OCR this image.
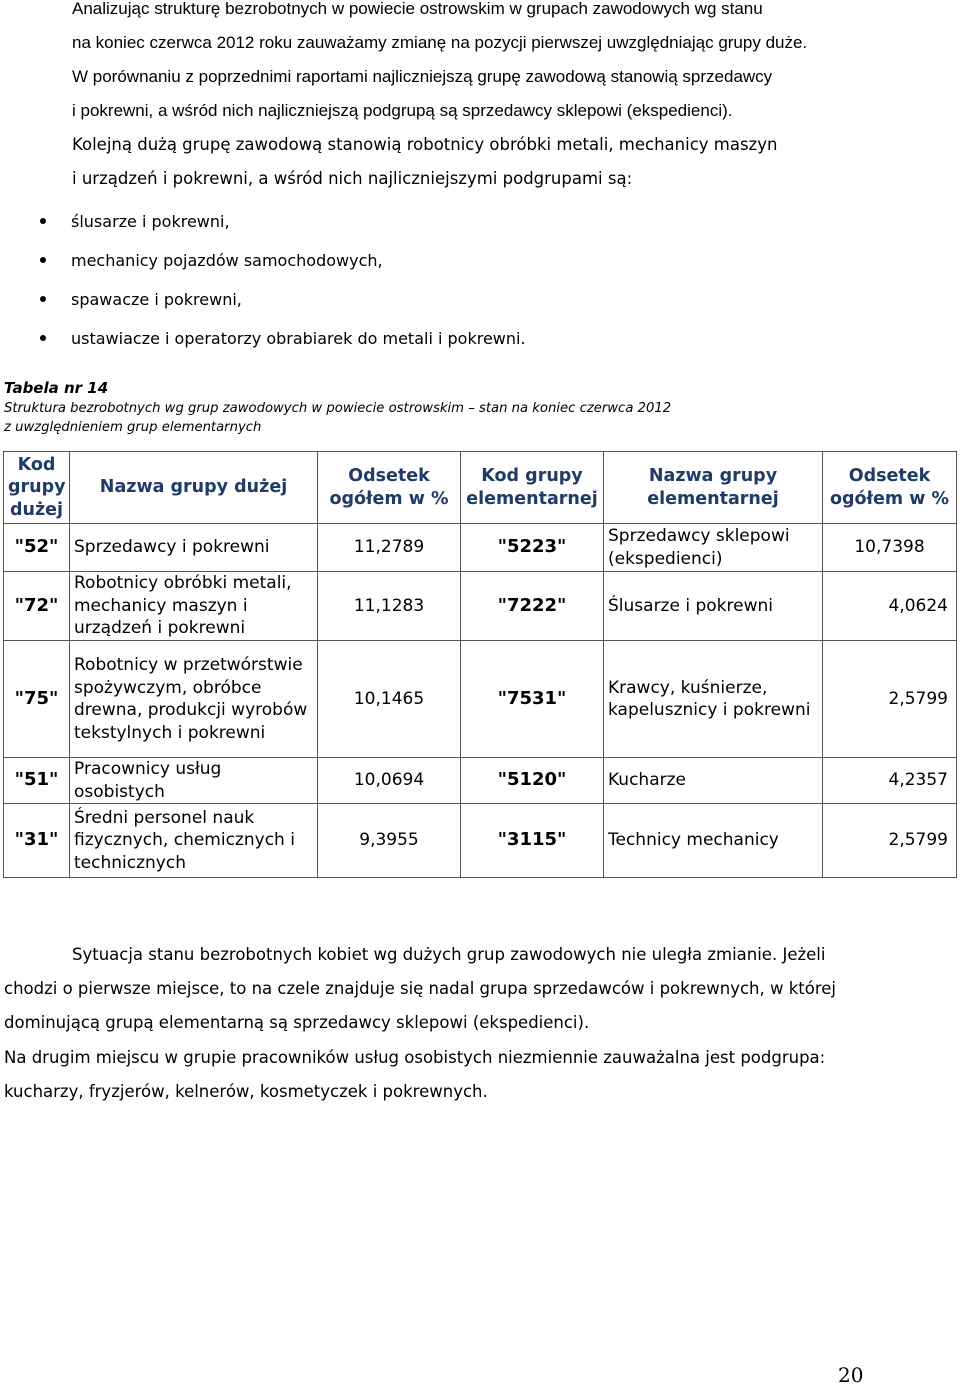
Analizując strukturę bezrobotnych w powiecie ostrowskim w grupach zawodowych wg stanu
na koniec czerwca 2012 roku zauważamy zmianę na pozycji pierwszej uwzględniając grupy duże.
W porównaniu z poprzednimi raportami najliczniejszą grupę zawodową stanowią sprzedawcy
i pokrewni, a wśród nich najliczniejszą podgrupą są sprzedawcy sklepowi (ekspedienci).
Kolejną dużą grupę zawodową stanowią robotnicy obróbki metali, mechanicy maszyn
i urządzeń i pokrewni, a wśród nich najliczniejszymi podgrupami są:
ślusarze i pokrewni,
mechanicy pojazdów samochodowych,
spawacze i pokrewni,
ustawiacze i operatorzy obrabiarek do metali i pokrewni.
Tabela nr 14
Struktura bezrobotnych wg grup zawodowych w powiecie ostrowskim – stan na koniec czerwca 2012
z uwzględnieniem grup elementarnych
Kod grupy dużej	Nazwa grupy dużej	Odsetek ogółem w %	Kod grupy elementarnej	Nazwa grupy elementarnej	Odsetek ogółem w %
"52"	Sprzedawcy i pokrewni	11,2789	"5223"	Sprzedawcy sklepowi (ekspedienci)	10,7398
"72"	Robotnicy obróbki metali, mechanicy maszyn i urządzeń i pokrewni	11,1283	"7222"	Ślusarze i pokrewni	4,0624
"75"	Robotnicy w przetwórstwie spożywczym, obróbce drewna, produkcji wyrobów tekstylnych i pokrewni	10,1465	"7531"	Krawcy, kuśnierze, kapelusznicy i pokrewni	2,5799
"51"	Pracownicy usług osobistych	10,0694	"5120"	Kucharze	4,2357
"31"	Średni personel nauk fizycznych, chemicznych i technicznych	9,3955	"3115"	Technicy mechanicy	2,5799
Sytuacja stanu bezrobotnych kobiet wg dużych grup zawodowych nie uległa zmianie. Jeżeli
chodzi o pierwsze miejsce, to na czele znajduje się nadal grupa sprzedawców i pokrewnych, w której
dominującą grupą elementarną są sprzedawcy sklepowi (ekspedienci).
Na drugim miejscu w grupie pracowników usług osobistych niezmiennie zauważalna jest podgrupa:
kucharzy, fryzjerów, kelnerów, kosmetyczek i pokrewnych.
20
